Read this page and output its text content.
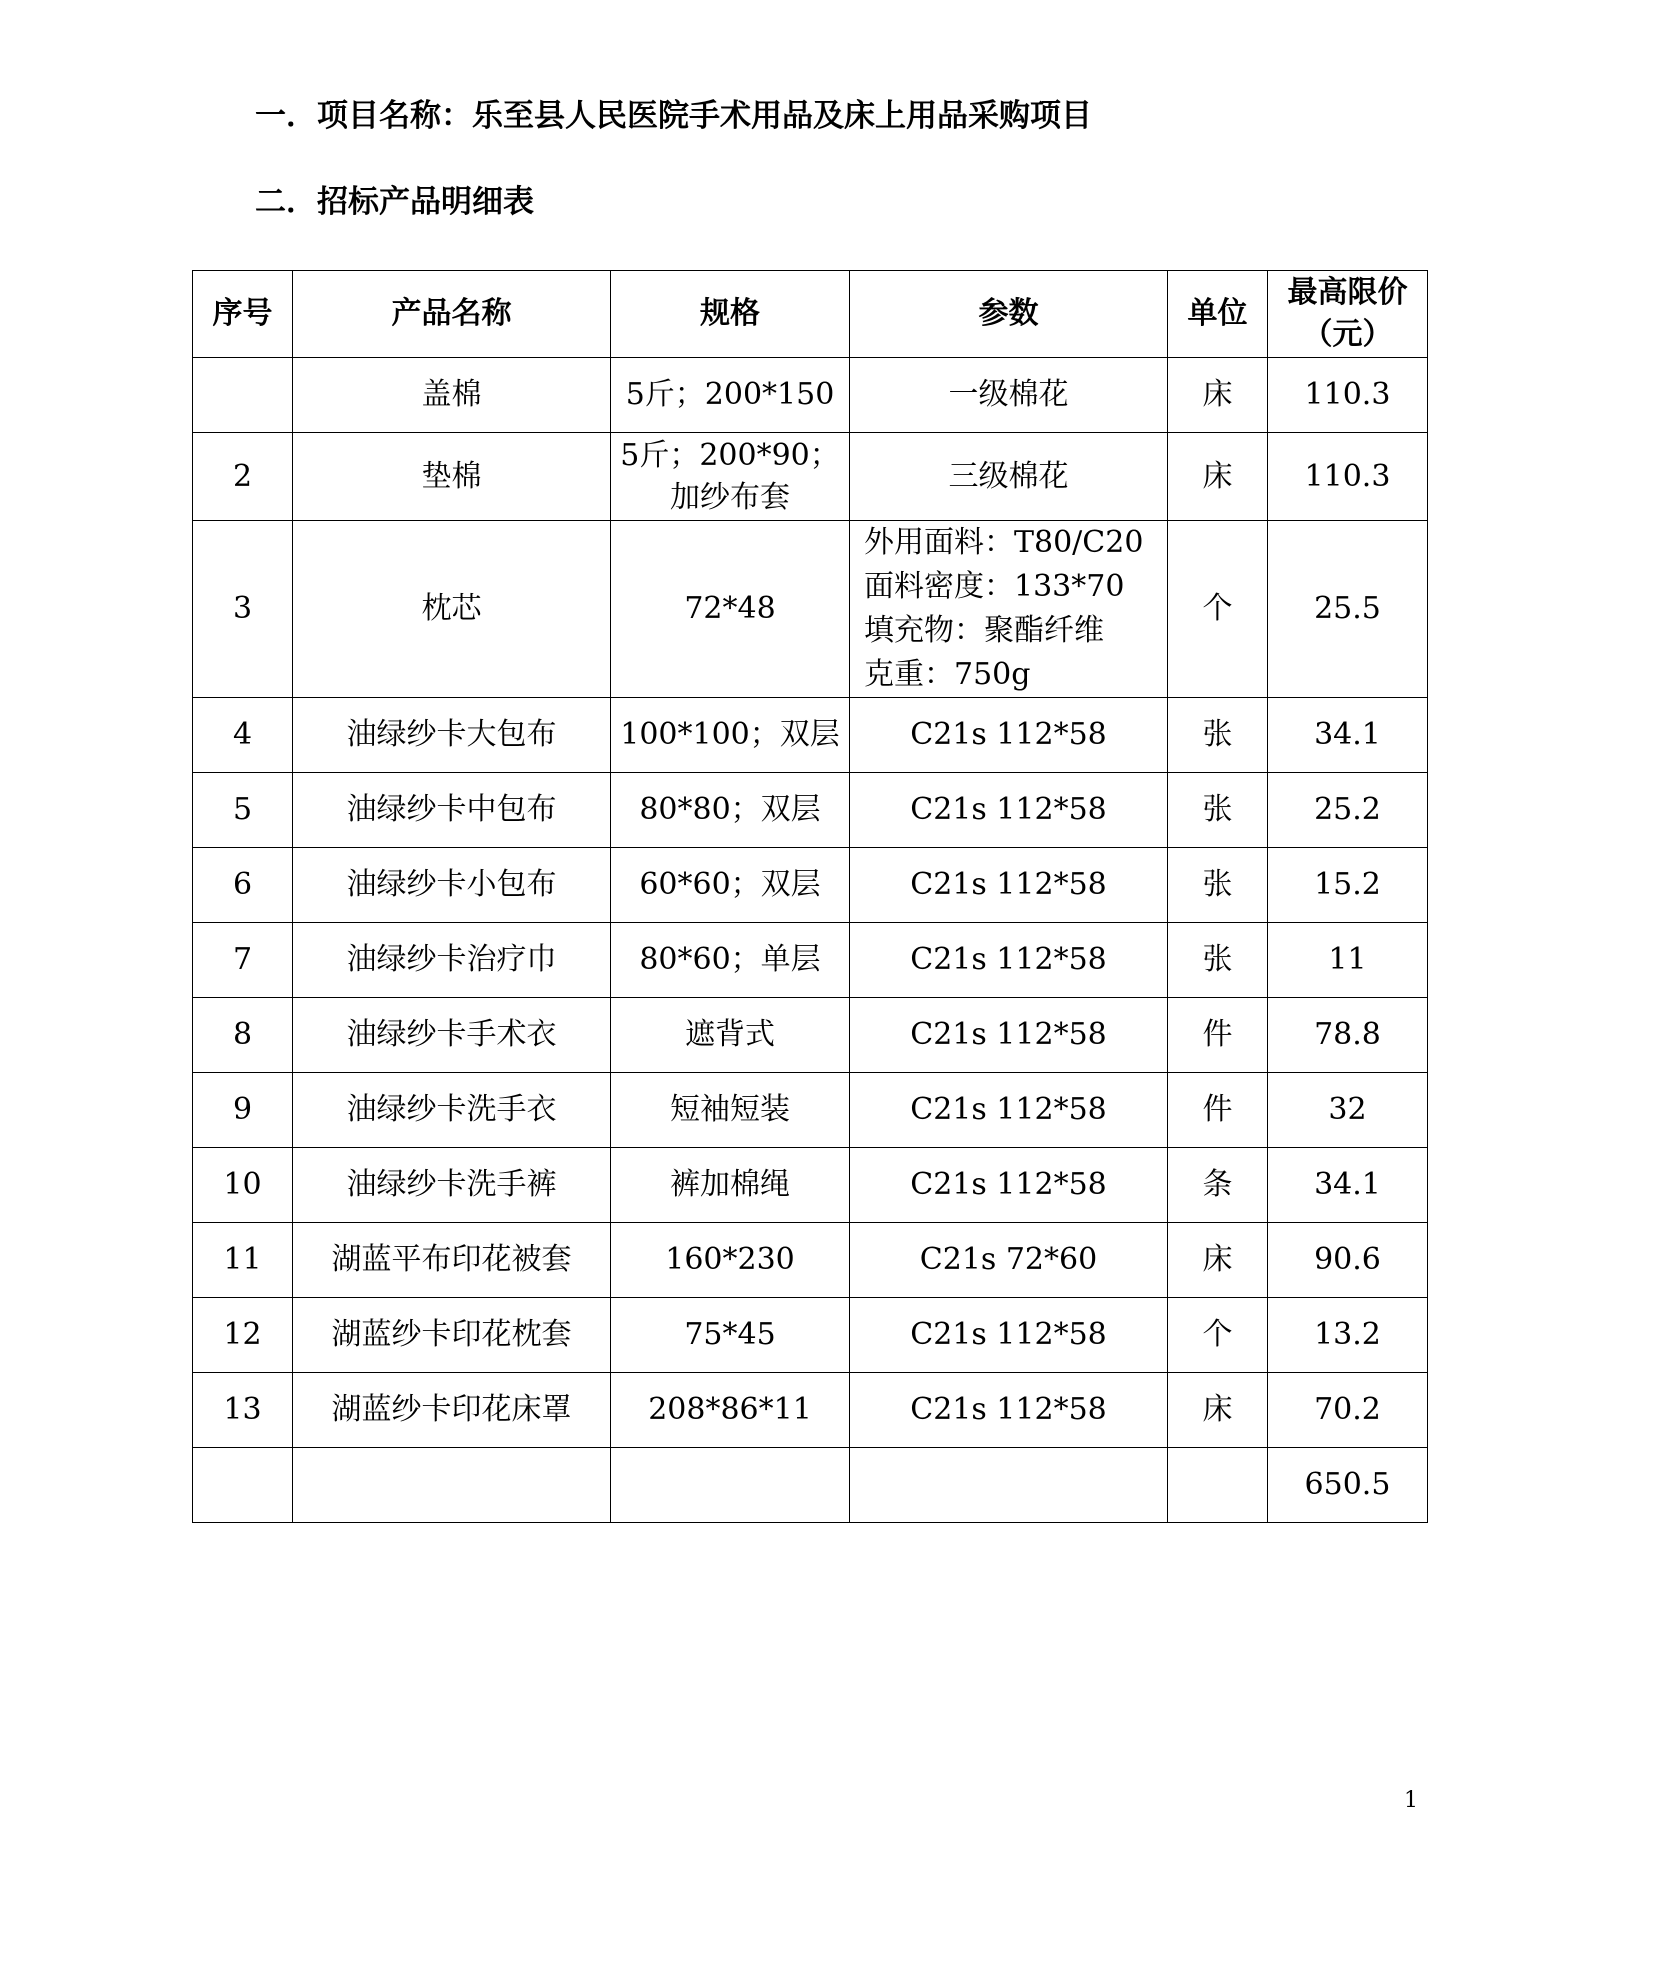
一．项目名称：乐至县人民医院手术用品及床上用品采购项目
二．招标产品明细表
序号	产品名称	规格	参数	单位	最高限价（元）
	盖棉	5斤；200*150	一级棉花	床	110.3
2	垫棉	5斤；200*90；
加纱布套	三级棉花	床	110.3
3	枕芯	72*48	外用面料：T80/C20
面料密度：133*70
填充物：聚酯纤维
克重：750g	个	25.5
4	油绿纱卡大包布	100*100；双层	C21s 112*58	张	34.1
5	油绿纱卡中包布	80*80；双层	C21s 112*58	张	25.2
6	油绿纱卡小包布	60*60；双层	C21s 112*58	张	15.2
7	油绿纱卡治疗巾	80*60；单层	C21s 112*58	张	11
8	油绿纱卡手术衣	遮背式	C21s 112*58	件	78.8
9	油绿纱卡洗手衣	短袖短装	C21s 112*58	件	32
10	油绿纱卡洗手裤	裤加棉绳	C21s 112*58	条	34.1
11	湖蓝平布印花被套	160*230	C21s 72*60	床	90.6
12	湖蓝纱卡印花枕套	75*45	C21s 112*58	个	13.2
13	湖蓝纱卡印花床罩	208*86*11	C21s 112*58	床	70.2
					650.5
1
